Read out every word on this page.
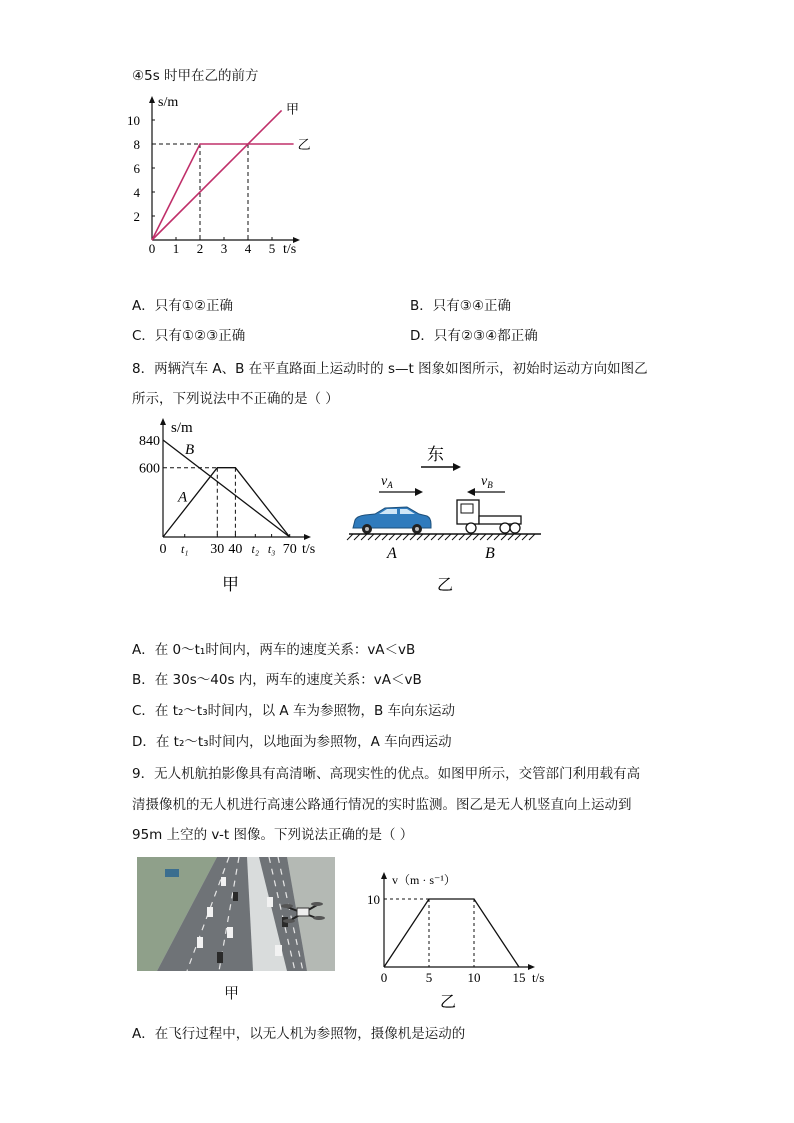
④5s 时甲在乙的前方
s/m
t/s
10
8
6
4
2
0 1 2 3 4 5
甲
乙
A．只有①②正确	B．只有③④正确
C．只有①②③正确	D．只有②③④都正确
8．两辆汽车 A、B 在平直路面上运动时的 s—t 图象如图所示，初始时运动方向如图乙
所示，下列说法中不正确的是（ ）
s/m
t/s
840
600
B
A
0 t₁ 30 40 t₂ t₃ 70
甲
东
$v_A$	$v_B$
A	B
乙
A．在 0～t₁时间内，两车的速度关系：vA＜vB
B．在 30s～40s 内，两车的速度关系：vA＜vB
C．在 t₂～t₃时间内，以 A 车为参照物，B 车向东运动
D．在 t₂～t₃时间内，以地面为参照物，A 车向西运动
9．无人机航拍影像具有高清晰、高现实性的优点。如图甲所示，交管部门利用载有高
清摄像机的无人机进行高速公路通行情况的实时监测。图乙是无人机竖直向上运动到
95m 上空的 v-t 图像。下列说法正确的是（ ）
甲
v（m · s⁻¹）
t/s
10
0	5	10 15
乙
A．在飞行过程中，以无人机为参照物，摄像机是运动的
